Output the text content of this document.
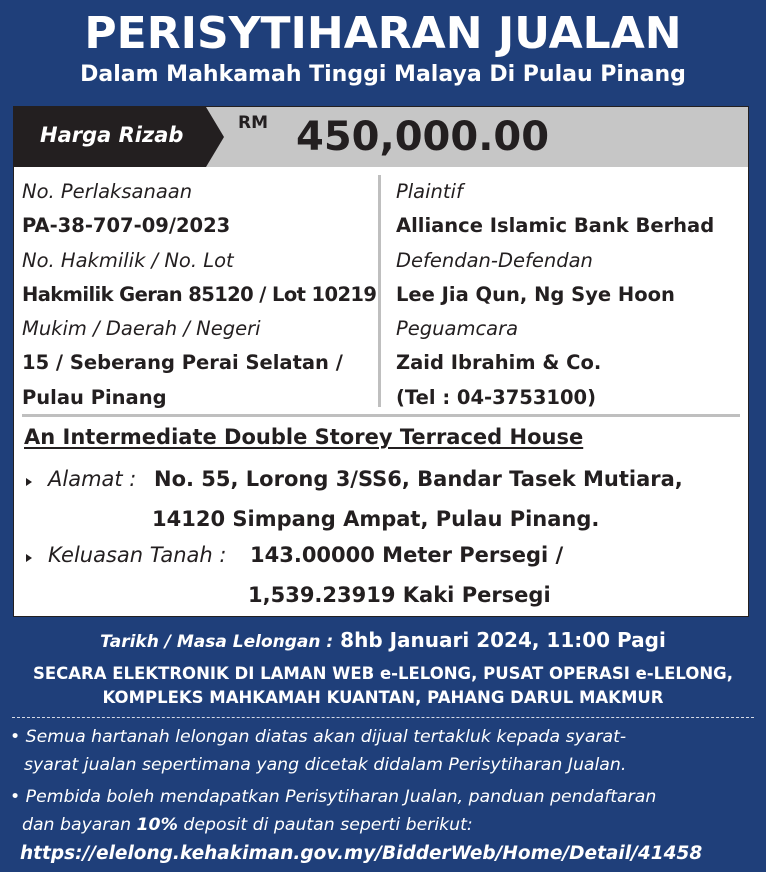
PERISYTIHARAN JUALAN
Dalam Mahkamah Tinggi Malaya Di Pulau Pinang
Harga Rizab	RM 450,000.00
No. Perlaksanaan
PA-38-707-09/2023
No. Hakmilik / No. Lot
Hakmilik Geran 85120 / Lot 10219
Mukim / Daerah / Negeri
15 / Seberang Perai Selatan /
Pulau Pinang
Plaintif
Alliance Islamic Bank Berhad
Defendan-Defendan
Lee Jia Qun, Ng Sye Hoon
Peguamcara
Zaid Ibrahim & Co.
(Tel : 04-3753100)
An Intermediate Double Storey Terraced House
Alamat : No. 55, Lorong 3/SS6, Bandar Tasek Mutiara,
14120 Simpang Ampat, Pulau Pinang.
Keluasan Tanah : 143.00000 Meter Persegi /
1,539.23919 Kaki Persegi
Tarikh / Masa Lelongan : 8hb Januari 2024, 11:00 Pagi
SECARA ELEKTRONIK DI LAMAN WEB e-LELONG, PUSAT OPERASI e-LELONG,
KOMPLEKS MAHKAMAH KUANTAN, PAHANG DARUL MAKMUR
• Semua hartanah lelongan diatas akan dijual tertakluk kepada syarat-
syarat jualan sepertimana yang dicetak didalam Perisytiharan Jualan.
• Pembida boleh mendapatkan Perisytiharan Jualan, panduan pendaftaran
dan bayaran 10% deposit di pautan seperti berikut:
https://elelong.kehakiman.gov.my/BidderWeb/Home/Detail/41458
